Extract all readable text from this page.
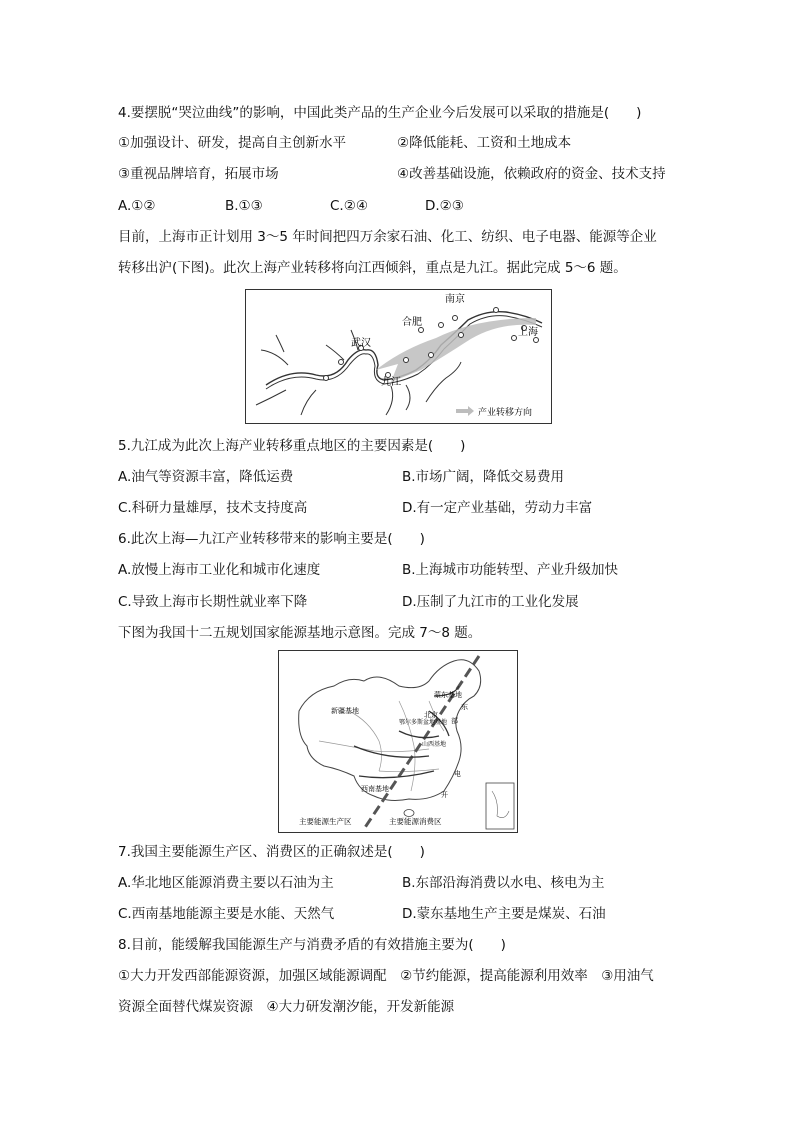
4.要摆脱“哭泣曲线”的影响，中国此类产品的生产企业今后发展可以采取的措施是(　　)
①加强设计、研发，提高自主创新水平	②降低能耗、工资和土地成本
③重视品牌培育，拓展市场	④改善基础设施，依赖政府的资金、技术支持
A.①②	B.①③	C.②④	D.②③
目前，上海市正计划用 3～5 年时间把四万余家石油、化工、纺织、电子电器、能源等企业
转移出沪(下图)。此次上海产业转移将向江西倾斜，重点是九江。据此完成 5～6 题。
南京
合肥
上海
武汉
九江
产业转移方向
5.九江成为此次上海产业转移重点地区的主要因素是(　　)
A.油气等资源丰富，降低运费	B.市场广阔，降低交易费用
C.科研力量雄厚，技术支持度高	D.有一定产业基础，劳动力丰富
6.此次上海—九江产业转移带来的影响主要是(　　)
A.放慢上海市工业化和城市化速度	B.上海城市功能转型、产业升级加快
C.导致上海市长期性就业率下降	D.压制了九江市的工业化发展
下图为我国十二五规划国家能源基地示意图。完成 7～8 题。
新疆基地
蒙东基地
鄂尔多斯盆地基地
山西基地
北京
西南基地
东
部
电
开
主要能源生产区	主要能源消费区
7.我国主要能源生产区、消费区的正确叙述是(　　)
A.华北地区能源消费主要以石油为主	B.东部沿海消费以水电、核电为主
C.西南基地能源主要是水能、天然气	D.蒙东基地生产主要是煤炭、石油
8.目前，能缓解我国能源生产与消费矛盾的有效措施主要为(　　)
①大力开发西部能源资源，加强区域能源调配　②节约能源，提高能源利用效率　③用油气
资源全面替代煤炭资源　④大力研发潮汐能，开发新能源
